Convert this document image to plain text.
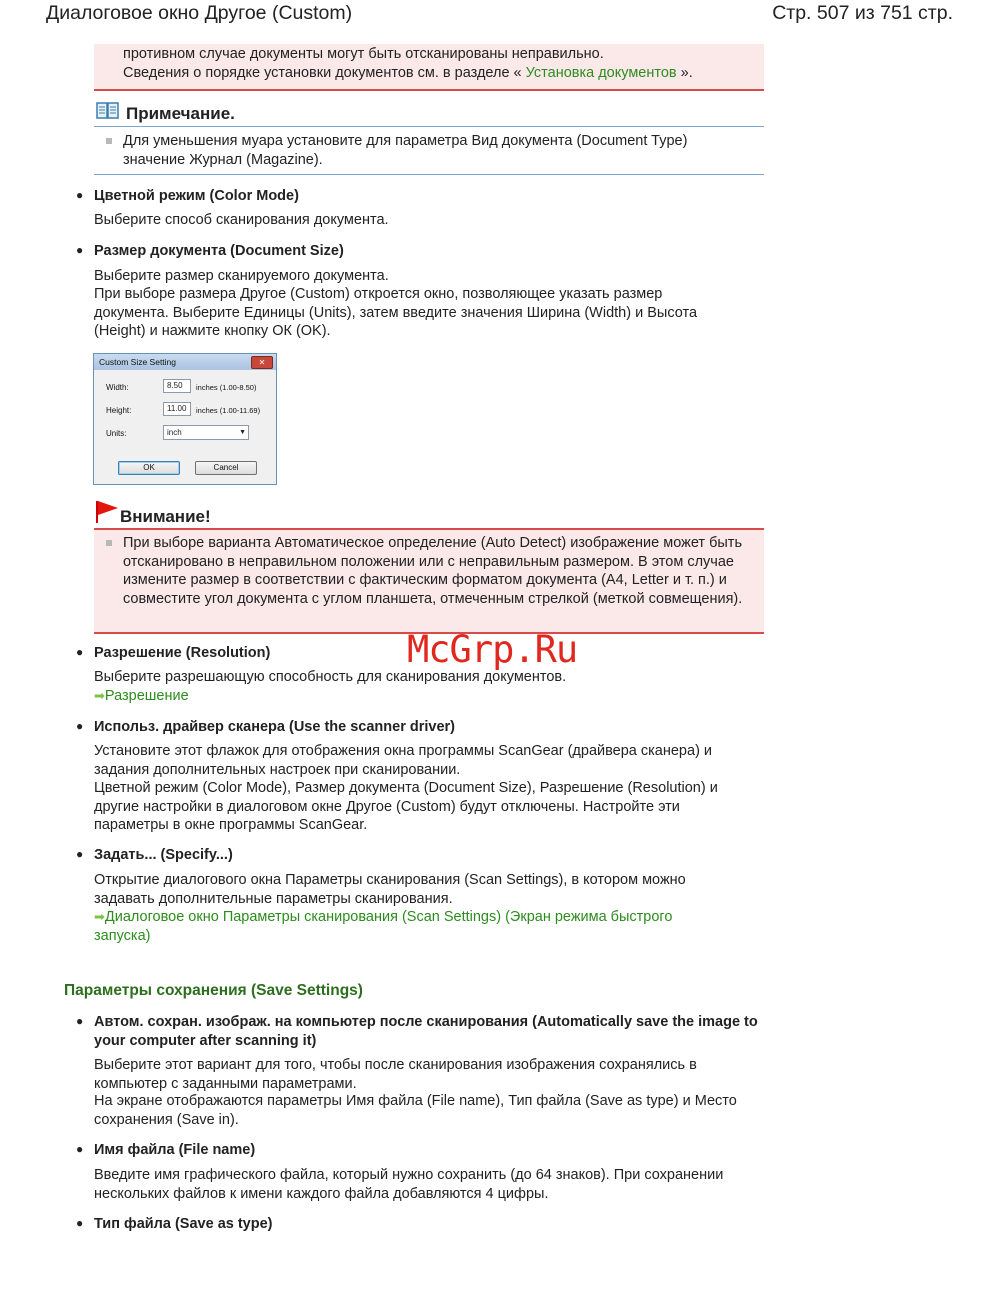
Диалоговое окно Другое (Custom)	Стр. 507 из 751 стр.

противном случае документы могут быть отсканированы неправильно.

Сведения о порядке установки документов см. в разделе « Установка документов ».

Примечание.

Для уменьшения муара установите для параметра Вид документа (Document Type) значение Журнал (Magazine).

● Цветной режим (Color Mode)

Выберите способ сканирования документа.

● Размер документа (Document Size)

Выберите размер сканируемого документа.

При выборе размера Другое (Custom) откроется окно, позволяющее указать размер документа. Выберите Единицы (Units), затем введите значения Ширина (Width) и Высота (Height) и нажмите кнопку ОК (OK).

Custom Size Setting	✕
Width:	8.50	inches (1.00-8.50)
Height:	11.00	inches (1.00-11.69)
Units:	inch	▼
OK	Cancel
Внимание!

При выборе варианта Автоматическое определение (Auto Detect) изображение может быть отсканировано в неправильном положении или с неправильным размером. В этом случае измените размер в соответствии с фактическим форматом документа (A4, Letter и т. п.) и совместите угол документа с углом планшета, отмеченным стрелкой (меткой совмещения).

McGrp.Ru
● Разрешение (Resolution)

Выберите разрешающую способность для сканирования документов.

➡Разрешение

● Использ. драйвер сканера (Use the scanner driver)

Установите этот флажок для отображения окна программы ScanGear (драйвера сканера) и задания дополнительных настроек при сканировании.

Цветной режим (Color Mode), Размер документа (Document Size), Разрешение (Resolution) и другие настройки в диалоговом окне Другое (Custom) будут отключены. Настройте эти параметры в окне программы ScanGear.

● Задать... (Specify...)

Открытие диалогового окна Параметры сканирования (Scan Settings), в котором можно задавать дополнительные параметры сканирования.

➡Диалоговое окно Параметры сканирования (Scan Settings) (Экран режима быстрого запуска)

Параметры сохранения (Save Settings)
● Автом. сохран. изображ. на компьютер после сканирования (Automatically save the image to your computer after scanning it)

Выберите этот вариант для того, чтобы после сканирования изображения сохранялись в компьютер с заданными параметрами.

На экране отображаются параметры Имя файла (File name), Тип файла (Save as type) и Место сохранения (Save in).

● Имя файла (File name)

Введите имя графического файла, который нужно сохранить (до 64 знаков). При сохранении нескольких файлов к имени каждого файла добавляются 4 цифры.

● Тип файла (Save as type)
